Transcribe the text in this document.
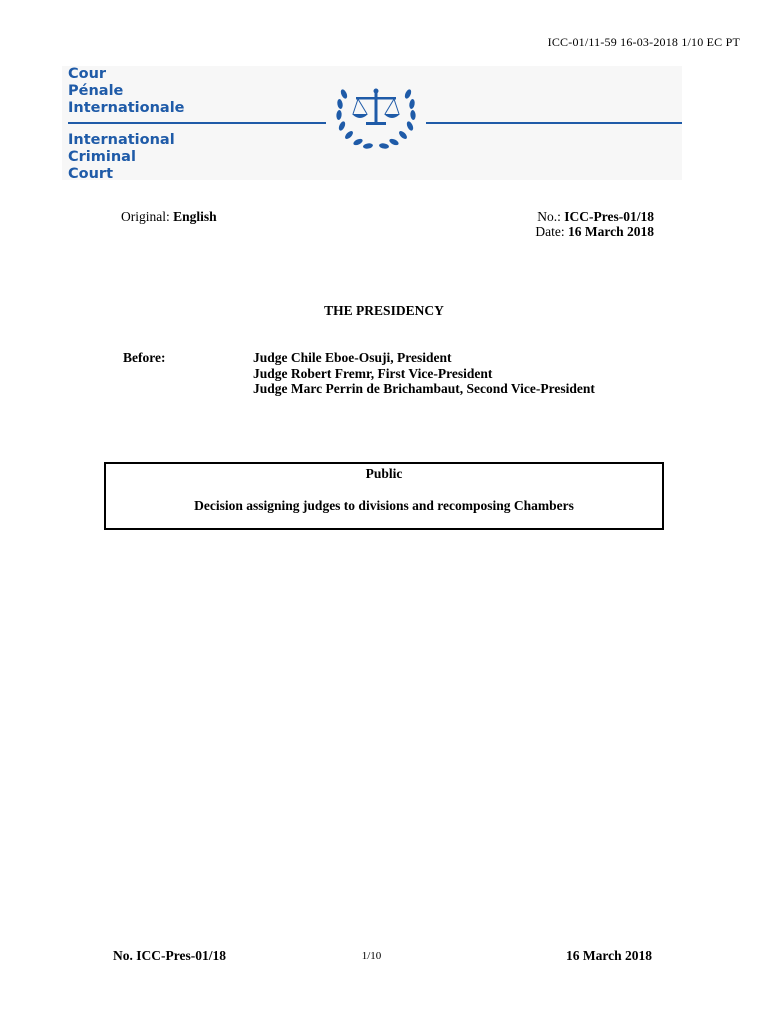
ICC-01/11-59 16-03-2018 1/10 EC PT
Cour
Pénale
Internationale
International
Criminal
Court
Original: English	No.: ICC-Pres-01/18
Date: 16 March 2018
THE PRESIDENCY
Before:	Judge Chile Eboe-Osuji, President
Judge Robert Fremr, First Vice-President
Judge Marc Perrin de Brichambaut, Second Vice-President
Public
Decision assigning judges to divisions and recomposing Chambers
No. ICC-Pres-01/18	1/10	16 March 2018
